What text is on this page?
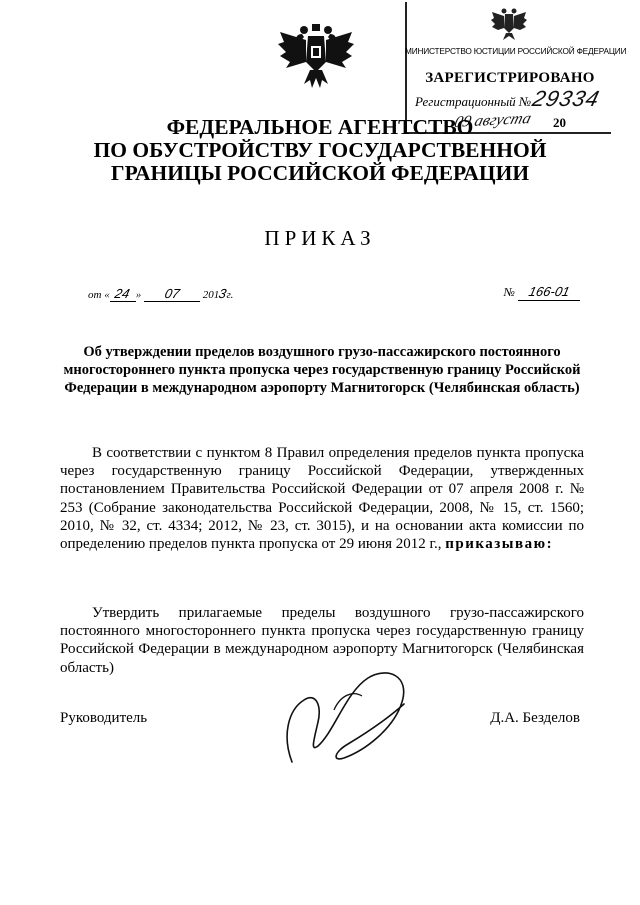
МИНИСТЕРСТВО ЮСТИЦИИ РОССИЙСКОЙ ФЕДЕРАЦИИ
ЗАРЕГИСТРИРОВАНО
Регистрационный №
29334
09 августа 20
ФЕДЕРАЛЬНОЕ АГЕНТСТВО
ПО ОБУСТРОЙСТВУ ГОСУДАРСТВЕННОЙ
ГРАНИЦЫ РОССИЙСКОЙ ФЕДЕРАЦИИ
ПРИКАЗ
от « 24 » 07 2013г.	№ 166-01
Об утверждении пределов воздушного грузо-пассажирского постоянного многостороннего пункта пропуска через государственную границу Российской Федерации в международном аэропорту Магнитогорск (Челябинская область)
В соответствии с пунктом 8 Правил определения пределов пункта пропуска через государственную границу Российской Федерации, утвержденных постановлением Правительства Российской Федерации от 07 апреля 2008 г. № 253 (Собрание законодательства Российской Федерации, 2008, № 15, ст. 1560; 2010, № 32, ст. 4334; 2012, № 23, ст. 3015), и на основании акта комиссии по определению пределов пункта пропуска от 29 июня 2012 г., приказываю:
Утвердить прилагаемые пределы воздушного грузо-пассажирского постоянного многостороннего пункта пропуска через государственную границу Российской Федерации в международном аэропорту Магнитогорск (Челябинская область)
Руководитель	Д.А. Безделов
